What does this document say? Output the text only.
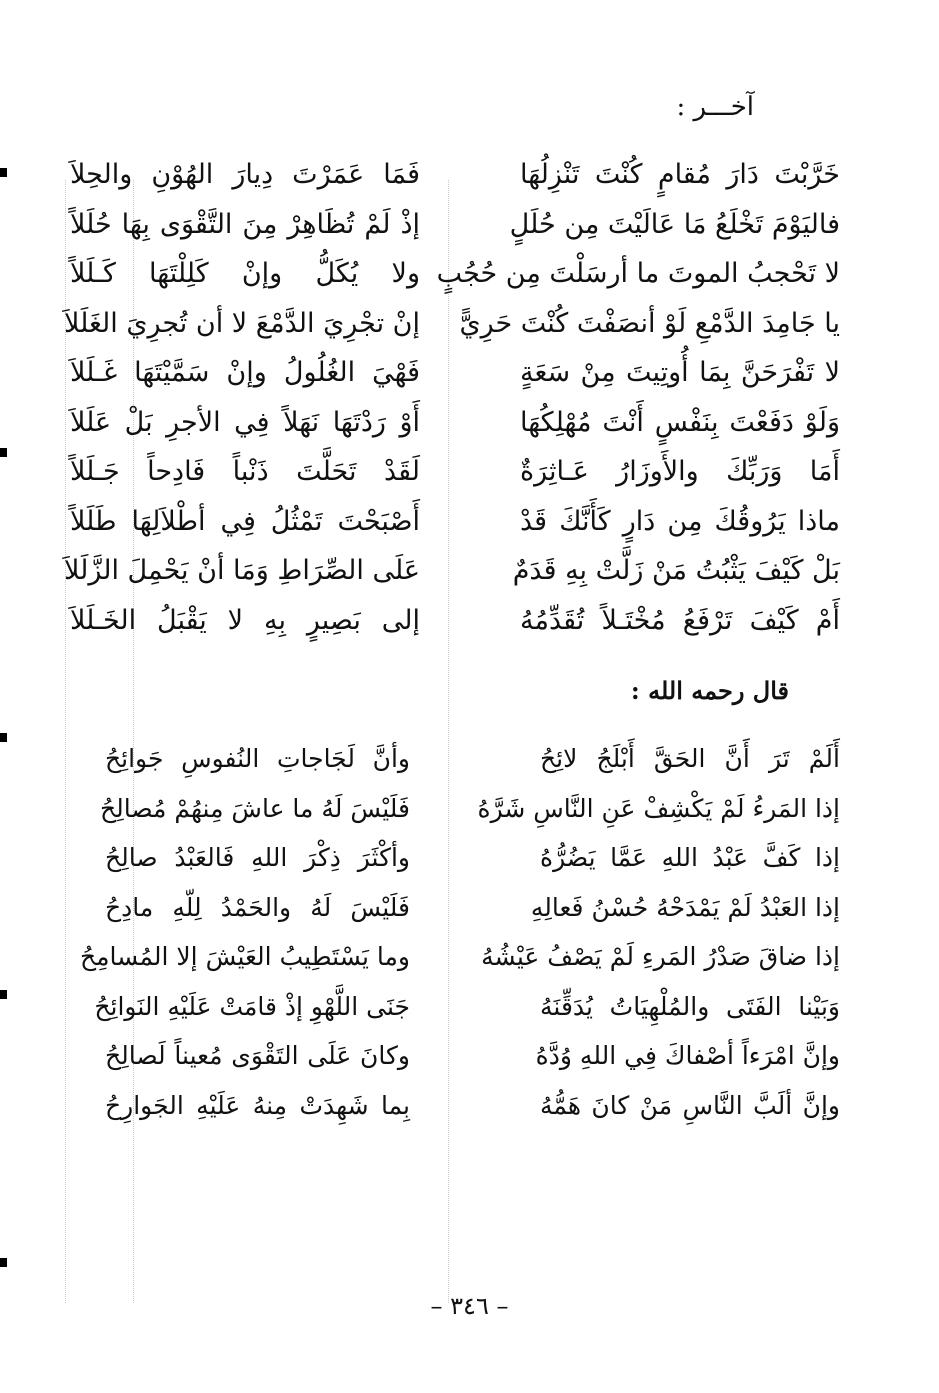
آخـــر :
خَرَّبْتَ دَارَ مُقامٍ كُنْتَ تَنْزِلُهَا
فَمَا عَمَرْتَ دِيارَ الهُوْنِ والحِلاَ
فاليَوْمَ تَخْلَعُ مَا عَالَيْتَ مِن حُلَلٍ
إذْ لَمْ تُظَاهِرْ مِنَ التَّقْوَى بِهَا حُلَلاً
لا تَحْجبُ الموتَ ما أرسَلْتَ مِن حُجُبٍ
ولا يُكَلُّ وإنْ كَلِلْتَهَا كَـلَلاً
يا جَامِدَ الدَّمْعِ لَوْ أنصَفْتَ كُنْتَ حَرِيًّ
إنْ تجْرِيَ الدَّمْعَ لا أن تُجرِيَ الغَلَلاَ
لا تَفْرَحَنَّ بِمَا أُوتِيتَ مِنْ سَعَةٍ
فَهْيَ الغُلُولُ وإنْ سَمَّيْتَهَا غَـلَلاَ
وَلَوْ دَفَعْتَ بِنَفْسٍ أَنْتَ مُهْلِكُهَا
أَوْ رَدْتَهَا نَهَلاً فِي الأجرِ بَلْ عَلَلاَ
أَمَا وَرَبِّكَ والأَوزَارُ عَـاثِرَةٌ
لَقَدْ تَحَلَّتَ ذَنْباً فَادِحاً جَـلَلاً
ماذا يَرُوقُكَ مِن دَارٍ كَأَنَّكَ قَدْ
أَصْبَحْتَ تَمْثُلُ فِي أطْلاَلِهَا طَلَلاً
بَلْ كَيْفَ يَثْبُتُ مَنْ زَلَّتْ بِهِ قَدَمٌ
عَلَى الصِّرَاطِ وَمَا أنْ يَحْمِلَ الزَّلَلاَ
أَمْ كَيْفَ تَرْفَعُ مُخْتَـلاً تُقَدِّمُهُ
إلى بَصِيرٍ بِهِ لا يَقْبَلُ الخَـلَلاَ
قال رحمه الله :
أَلَمْ تَرَ أَنَّ الحَقَّ أَبْلَجُ لائِحُ
وأنَّ لَجَاجاتِ النُفوسِ جَوائِحُ
إذا المَرءُ لَمْ يَكْشِفْ عَنِ النَّاسِ شَرَّهُ
فَلَيْسَ لَهُ ما عاشَ مِنهُمْ مُصالِحُ
إذا كَفَّ عَبْدُ اللهِ عَمَّا يَضُرُّهُ
وأكْثَرَ ذِكْرَ اللهِ فَالعَبْدُ صالِحُ
إذا العَبْدُ لَمْ يَمْدَحْهُ حُسْنُ فَعالِهِ
فَلَيْسَ لَهُ والحَمْدُ لِلّهِ مادِحُ
إذا ضاقَ صَدْرُ المَرءِ لَمْ يَصْفُ عَيْشُهُ
وما يَسْتَطِيبُ العَيْشَ إلا المُسامِحُ
وَبَيْنا الفَتَى والمُلْهِيَاتُ يُدَقِّنَهُ
جَنَى اللَّهْوِ إذْ قامَتْ عَلَيْهِ النَوائِحُ
وإنَّ امْرَءاً أصْفاكَ فِي اللهِ وُدَّهُ
وكانَ عَلَى التَقْوَى مُعيناً لَصالِحُ
وإنَّ ألَبَّ النَّاسِ مَنْ كانَ هَمُّهُ
بِما شَهِدَتْ مِنهُ عَلَيْهِ الجَوارِحُ
– ٣٤٦ –
